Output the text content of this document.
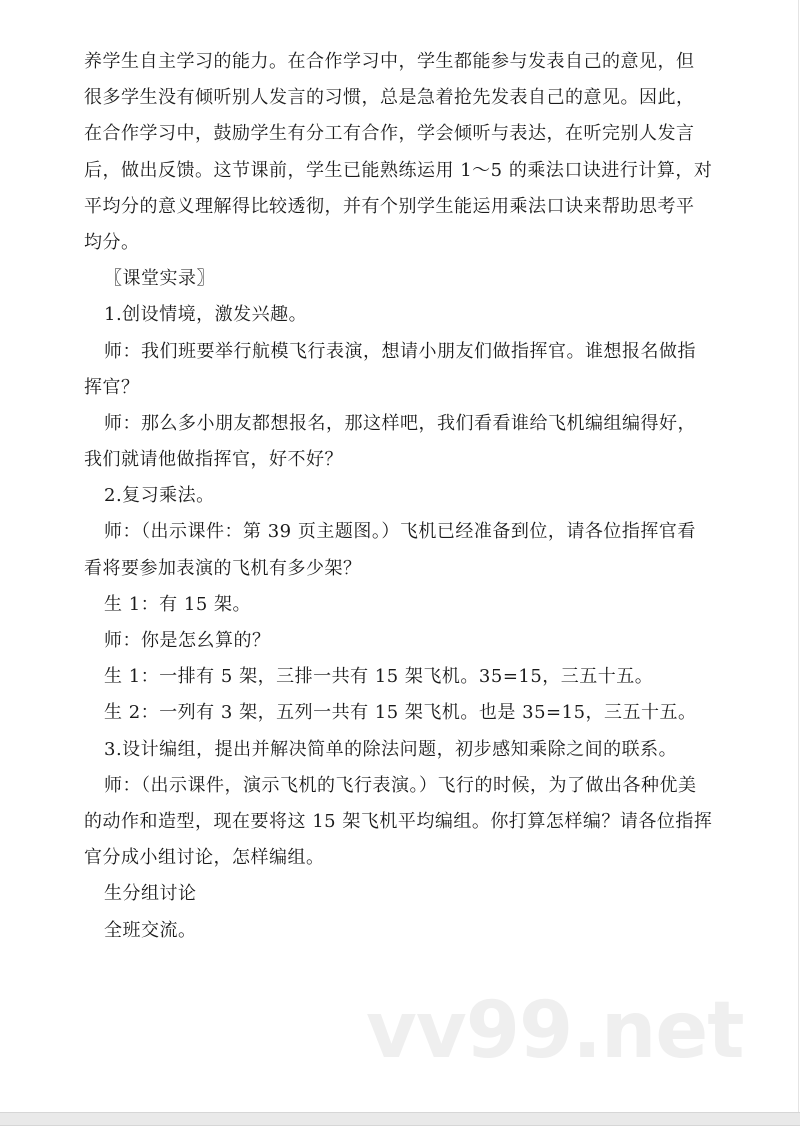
养学生自主学习的能力。在合作学习中，学生都能参与发表自己的意见，但
很多学生没有倾听别人发言的习惯，总是急着抢先发表自己的意见。因此，
在合作学习中，鼓励学生有分工有合作，学会倾听与表达，在听完别人发言
后，做出反馈。这节课前，学生已能熟练运用 1～5 的乘法口诀进行计算，对
平均分的意义理解得比较透彻，并有个别学生能运用乘法口诀来帮助思考平
均分。
〖课堂实录〗
1.创设情境，激发兴趣。
师：我们班要举行航模飞行表演，想请小朋友们做指挥官。谁想报名做指
挥官？
师：那么多小朋友都想报名，那这样吧，我们看看谁给飞机编组编得好，
我们就请他做指挥官，好不好？
2.复习乘法。
师：（出示课件：第 39 页主题图。）飞机已经准备到位，请各位指挥官看
看将要参加表演的飞机有多少架？
生 1：有 15 架。
师：你是怎幺算的？
生 1：一排有 5 架，三排一共有 15 架飞机。35=15，三五十五。
生 2：一列有 3 架，五列一共有 15 架飞机。也是 35=15，三五十五。
3.设计编组，提出并解决简单的除法问题，初步感知乘除之间的联系。
师：（出示课件，演示飞机的飞行表演。）飞行的时候，为了做出各种优美
的动作和造型，现在要将这 15 架飞机平均编组。你打算怎样编？请各位指挥
官分成小组讨论，怎样编组。
生分组讨论
全班交流。
vv99.net
